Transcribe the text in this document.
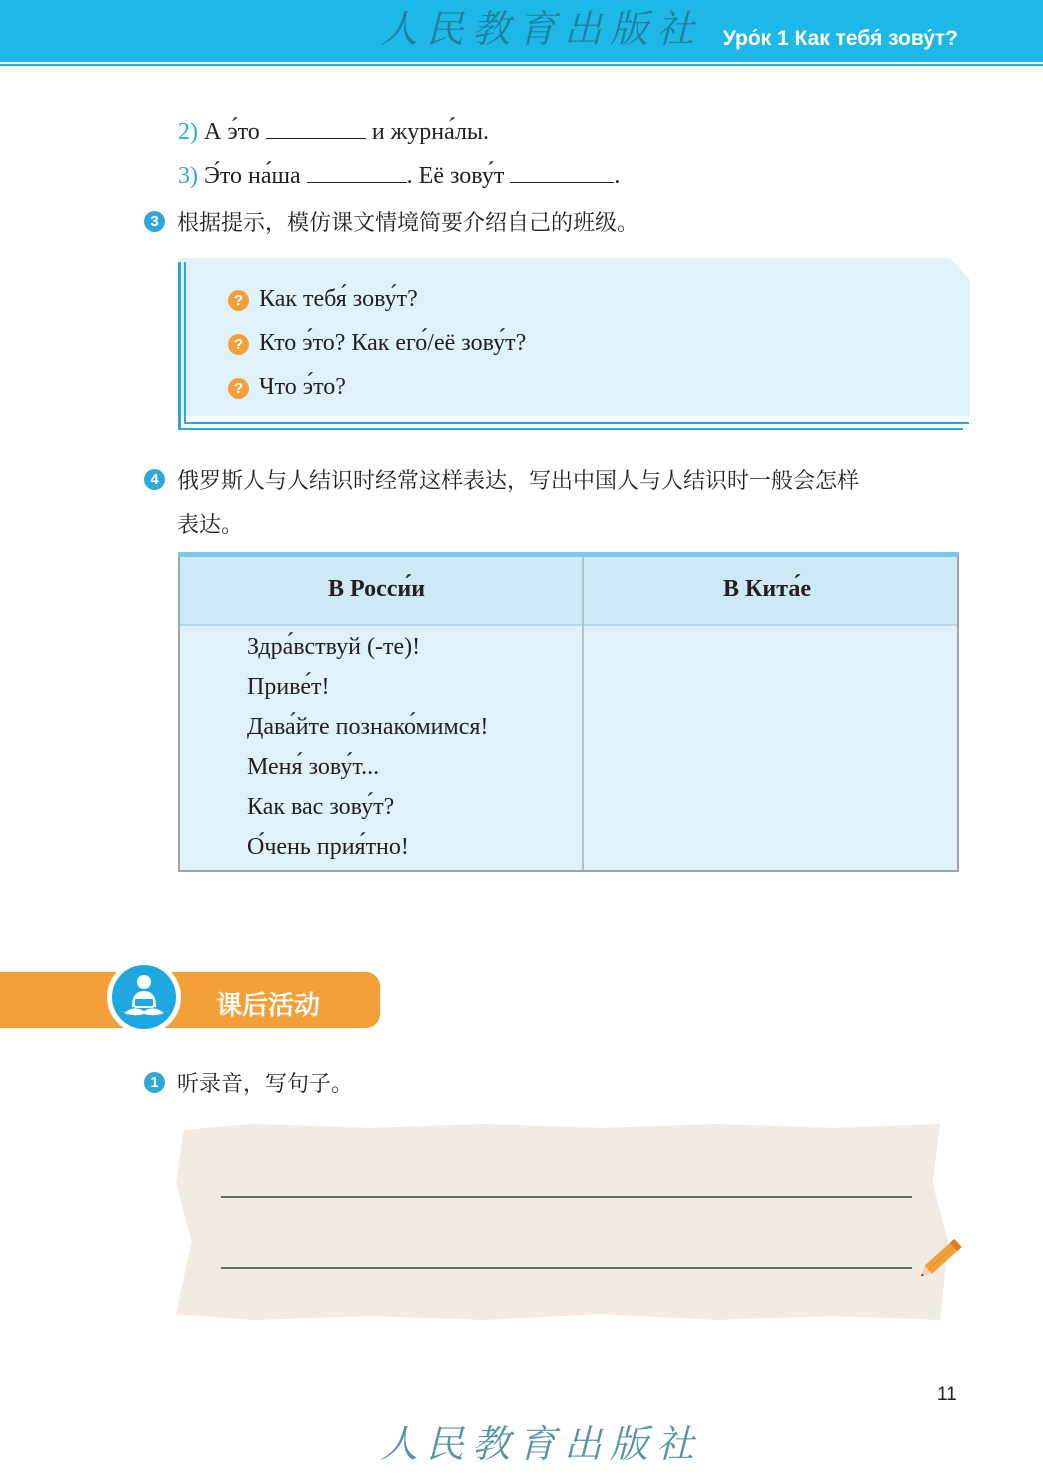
人民教育出版社 Уро́к 1 Как тебя́ зову́т?
2) А э́то	и журна́лы.
3) Э́то на́ша	. Её зову́т	.
3 根据提示，模仿课文情境简要介绍自己的班级。
? Как тебя́ зову́т?
? Кто э́то? Как его́/её зову́т?
? Что э́то?
4 俄罗斯人与人结识时经常这样表达，写出中国人与人结识时一般会怎样
表达。
В Росси́и	В Кита́е
Здра́вствуй (-те)!
Приве́т!
Дава́йте познако́мимся!
Меня́ зову́т...
Как вас зову́т?
О́чень прия́тно!
课后活动
1 听录音，写句子。
11
人民教育出版社
